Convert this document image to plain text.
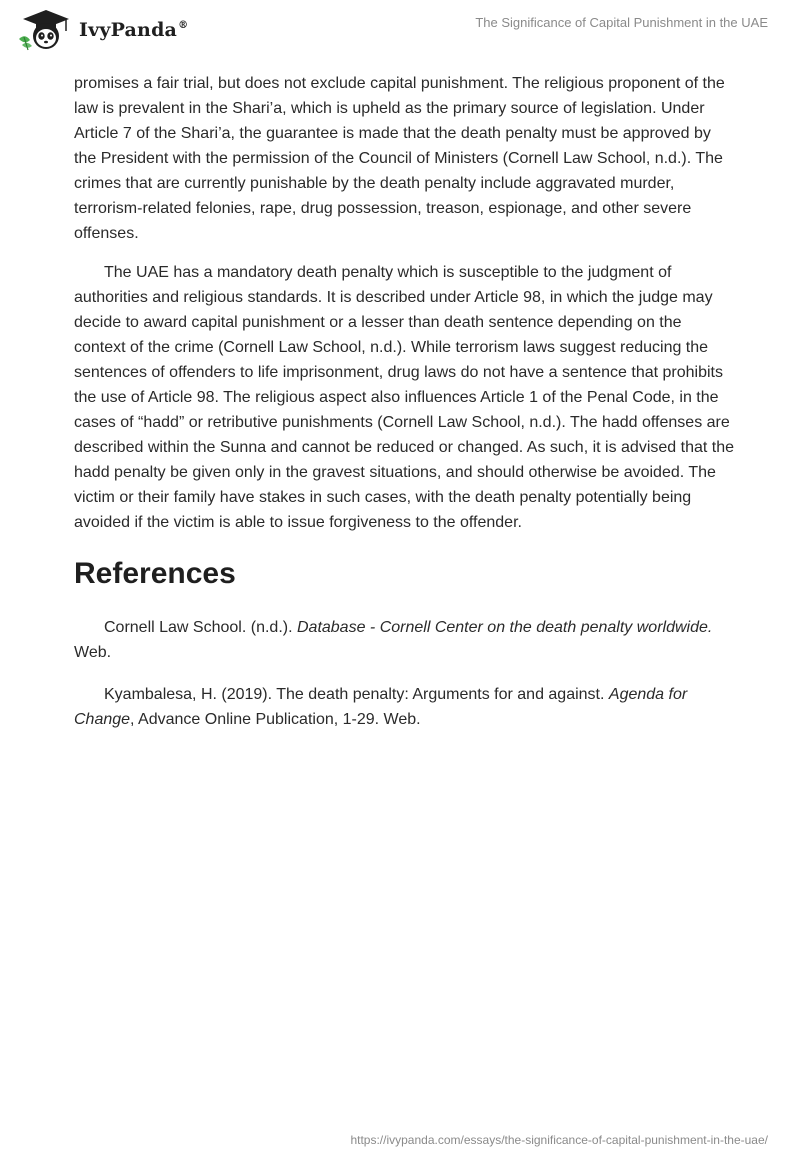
IvyPanda®	The Significance of Capital Punishment in the UAE

promises a fair trial, but does not exclude capital punishment. The religious proponent of the law is prevalent in the Shari’a, which is upheld as the primary source of legislation. Under Article 7 of the Shari’a, the guarantee is made that the death penalty must be approved by the President with the permission of the Council of Ministers (Cornell Law School, n.d.). The crimes that are currently punishable by the death penalty include aggravated murder, terrorism-related felonies, rape, drug possession, treason, espionage, and other severe offenses.

The UAE has a mandatory death penalty which is susceptible to the judgment of authorities and religious standards. It is described under Article 98, in which the judge may decide to award capital punishment or a lesser than death sentence depending on the context of the crime (Cornell Law School, n.d.). While terrorism laws suggest reducing the sentences of offenders to life imprisonment, drug laws do not have a sentence that prohibits the use of Article 98. The religious aspect also influences Article 1 of the Penal Code, in the cases of “hadd” or retributive punishments (Cornell Law School, n.d.). The hadd offenses are described within the Sunna and cannot be reduced or changed. As such, it is advised that the hadd penalty be given only in the gravest situations, and should otherwise be avoided. The victim or their family have stakes in such cases, with the death penalty potentially being avoided if the victim is able to issue forgiveness to the offender.

References

Cornell Law School. (n.d.). Database - Cornell Center on the death penalty worldwide. Web.

Kyambalesa, H. (2019). The death penalty: Arguments for and against. Agenda for Change, Advance Online Publication, 1-29. Web.

https://ivypanda.com/essays/the-significance-of-capital-punishment-in-the-uae/
